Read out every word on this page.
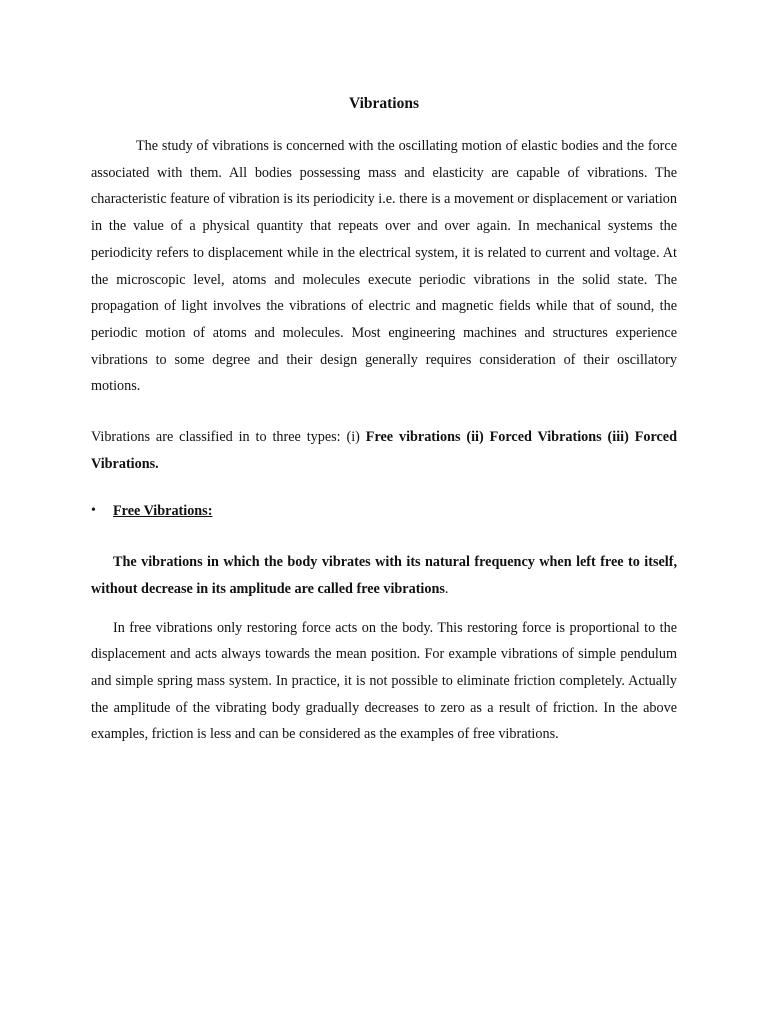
Vibrations

The study of vibrations is concerned with the oscillating motion of elastic bodies and the force associated with them. All bodies possessing mass and elasticity are capable of vibrations. The characteristic feature of vibration is its periodicity i.e. there is a movement or displacement or variation in the value of a physical quantity that repeats over and over again. In mechanical systems the periodicity refers to displacement while in the electrical system, it is related to current and voltage. At the microscopic level, atoms and molecules execute periodic vibrations in the solid state. The propagation of light involves the vibrations of electric and magnetic fields while that of sound, the periodic motion of atoms and molecules. Most engineering machines and structures experience vibrations to some degree and their design generally requires consideration of their oscillatory motions.

Vibrations are classified in to three types: (i) Free vibrations (ii) Forced Vibrations (iii) Forced Vibrations.

•	Free Vibrations:

The vibrations in which the body vibrates with its natural frequency when left free to itself, without decrease in its amplitude are called free vibrations.

In free vibrations only restoring force acts on the body. This restoring force is proportional to the displacement and acts always towards the mean position. For example vibrations of simple pendulum and simple spring mass system. In practice, it is not possible to eliminate friction completely. Actually the amplitude of the vibrating body gradually decreases to zero as a result of friction. In the above examples, friction is less and can be considered as the examples of free vibrations.
